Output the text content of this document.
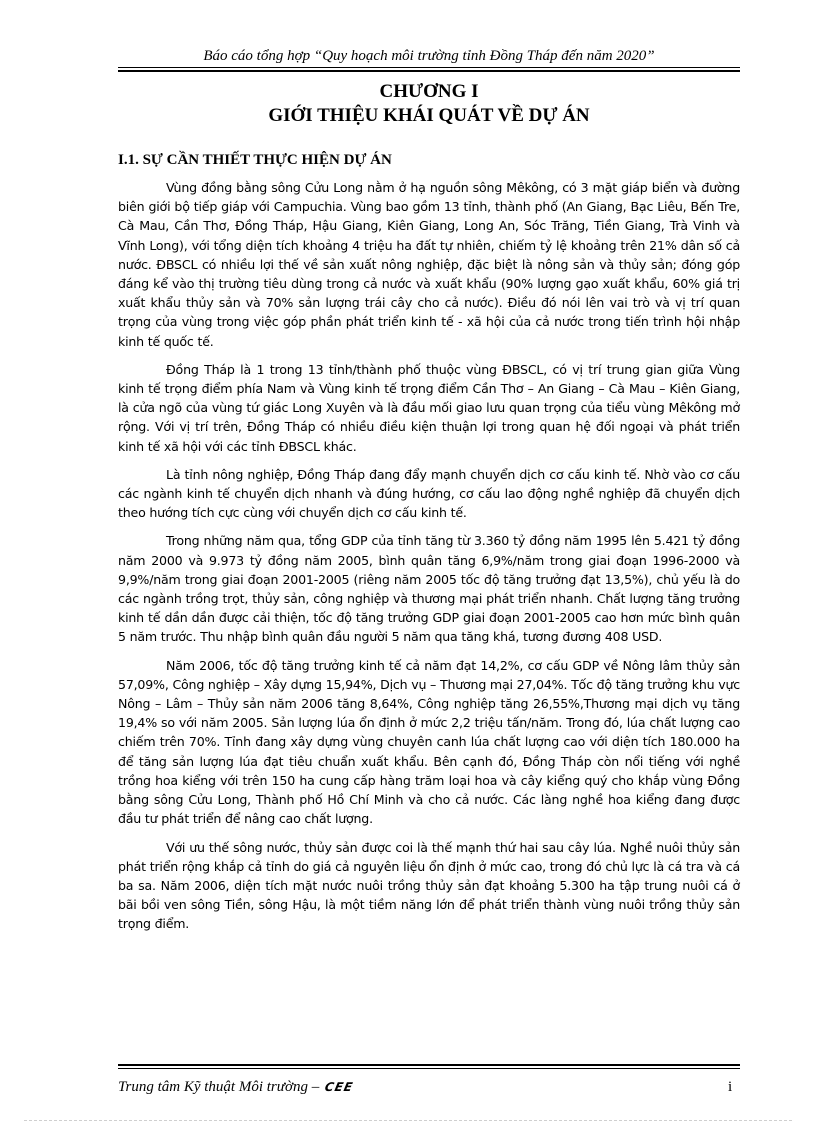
Báo cáo tổng hợp “Quy hoạch môi trường tỉnh Đồng Tháp đến năm 2020”
CHƯƠNG I
GIỚI THIỆU KHÁI QUÁT VỀ DỰ ÁN
I.1. SỰ CẦN THIẾT THỰC HIỆN DỰ ÁN

Vùng đồng bằng sông Cửu Long nằm ở hạ nguồn sông Mêkông, có 3 mặt giáp biển và đường biên giới bộ tiếp giáp với Campuchia. Vùng bao gồm 13 tỉnh, thành phố (An Giang, Bạc Liêu, Bến Tre, Cà Mau, Cần Thơ, Đồng Tháp, Hậu Giang, Kiên Giang, Long An, Sóc Trăng, Tiền Giang, Trà Vinh và Vĩnh Long), với tổng diện tích khoảng 4 triệu ha đất tự nhiên, chiếm tỷ lệ khoảng trên 21% dân số cả nước. ĐBSCL có nhiều lợi thế về sản xuất nông nghiệp, đặc biệt là nông sản và thủy sản; đóng góp đáng kể vào thị trường tiêu dùng trong cả nước và xuất khẩu (90% lượng gạo xuất khẩu, 60% giá trị xuất khẩu thủy sản và 70% sản lượng trái cây cho cả nước). Điều đó nói lên vai trò và vị trí quan trọng của vùng trong việc góp phần phát triển kinh tế - xã hội của cả nước trong tiến trình hội nhập kinh tế quốc tế.

Đồng Tháp là 1 trong 13 tỉnh/thành phố thuộc vùng ĐBSCL, có vị trí trung gian giữa Vùng kinh tế trọng điểm phía Nam và Vùng kinh tế trọng điểm Cần Thơ – An Giang – Cà Mau – Kiên Giang, là cửa ngõ của vùng tứ giác Long Xuyên và là đầu mối giao lưu quan trọng của tiểu vùng Mêkông mở rộng. Với vị trí trên, Đồng Tháp có nhiều điều kiện thuận lợi trong quan hệ đối ngoại và phát triển kinh tế xã hội với các tỉnh ĐBSCL khác.

Là tỉnh nông nghiệp, Đồng Tháp đang đẩy mạnh chuyển dịch cơ cấu kinh tế. Nhờ vào cơ cấu các ngành kinh tế chuyển dịch nhanh và đúng hướng, cơ cấu lao động nghề nghiệp đã chuyển dịch theo hướng tích cực cùng với chuyển dịch cơ cấu kinh tế.

Trong những năm qua, tổng GDP của tỉnh tăng từ 3.360 tỷ đồng năm 1995 lên 5.421 tỷ đồng năm 2000 và 9.973 tỷ đồng năm 2005, bình quân tăng 6,9%/năm trong giai đoạn 1996-2000 và 9,9%/năm trong giai đoạn 2001-2005 (riêng năm 2005 tốc độ tăng trưởng đạt 13,5%), chủ yếu là do các ngành trồng trọt, thủy sản, công nghiệp và thương mại phát triển nhanh. Chất lượng tăng trưởng kinh tế dần dần được cải thiện, tốc độ tăng trưởng GDP giai đoạn 2001-2005 cao hơn mức bình quân 5 năm trước. Thu nhập bình quân đầu người 5 năm qua tăng khá, tương đương 408 USD.

Năm 2006, tốc độ tăng trưởng kinh tế cả năm đạt 14,2%, cơ cấu GDP về Nông lâm thủy sản 57,09%, Công nghiệp – Xây dựng 15,94%, Dịch vụ – Thương mại 27,04%. Tốc độ tăng trưởng khu vực Nông – Lâm – Thủy sản năm 2006 tăng 8,64%, Công nghiệp tăng 26,55%,Thương mại dịch vụ tăng 19,4% so với năm 2005. Sản lượng lúa ổn định ở mức 2,2 triệu tấn/năm. Trong đó, lúa chất lượng cao chiếm trên 70%. Tỉnh đang xây dựng vùng chuyên canh lúa chất lượng cao với diện tích 180.000 ha để tăng sản lượng lúa đạt tiêu chuẩn xuất khẩu. Bên cạnh đó, Đồng Tháp còn nổi tiếng với nghề trồng hoa kiểng với trên 150 ha cung cấp hàng trăm loại hoa và cây kiểng quý cho khắp vùng Đồng bằng sông Cửu Long, Thành phố Hồ Chí Minh và cho cả nước. Các làng nghề hoa kiểng đang được đầu tư phát triển để nâng cao chất lượng.

Với ưu thế sông nước, thủy sản được coi là thế mạnh thứ hai sau cây lúa. Nghề nuôi thủy sản phát triển rộng khắp cả tỉnh do giá cả nguyên liệu ổn định ở mức cao, trong đó chủ lực là cá tra và cá ba sa. Năm 2006, diện tích mặt nước nuôi trồng thủy sản đạt khoảng 5.300 ha tập trung nuôi cá ở bãi bồi ven sông Tiền, sông Hậu, là một tiềm năng lớn để phát triển thành vùng nuôi trồng thủy sản trọng điểm.

Trung tâm Kỹ thuật Môi trường – CEE	i
